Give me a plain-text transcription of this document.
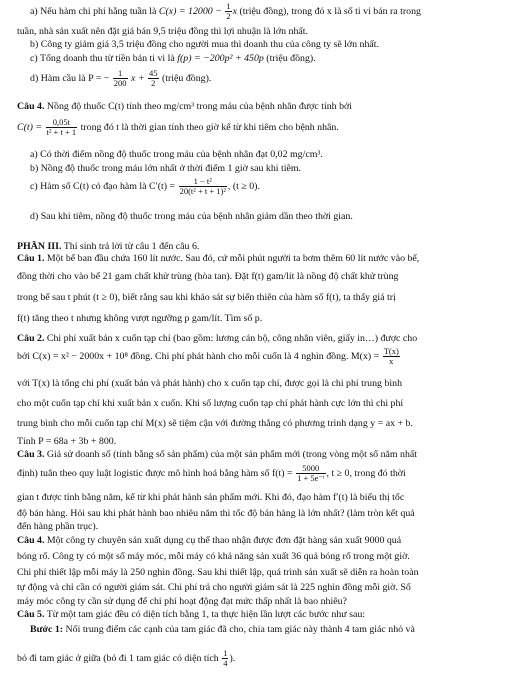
a) Nếu hàm chi phí hằng tuần là $C(x) = 12000 - \frac{1}{2}$ x (triệu đồng), trong đó x là số ti vi bán ra trong
tuần, nhà sản xuất nên đặt giá bán 9,5 triệu đồng thì lợi nhuận là lớn nhất.
b) Công ty giảm giá 3,5 triệu đồng cho người mua thì doanh thu của công ty sẽ lớn nhất.
c) Tổng doanh thu từ tiền bán ti vi là f(p) = −200p² + 450p (triệu đồng).
d) Hàm cầu là P = − $\frac{1}{200}$ $x + \frac{45}{2}$ (triệu đồng).
Câu 4. Nồng độ thuốc C(t) tính theo mg/cm³ trong máu của bệnh nhân được tính bởi
$C(t) = \frac{0,05t}{\text{t² + t + 1}}$ trong đó t là thời gian tính theo giờ kể từ khi tiêm cho bệnh nhân.
a) Có thời điểm nồng độ thuốc trong máu của bệnh nhân đạt 0,02 mg/cm³.
b) Nồng độ thuốc trong máu lớn nhất ở thời điểm 1 giờ sau khi tiêm.
c) Hàm số C(t) có đạo hàm là $C'(t) = \frac{\text{1 − t²}}{\text{20(t² + t + 1)²}}$ , (t ≥ 0).
d) Sau khi tiêm, nồng độ thuốc trong máu của bệnh nhân giảm dần theo thời gian.
PHẦN III. Thí sinh trả lời từ câu 1 đến câu 6.
Câu 1. Một bể ban đầu chứa 160 lít nước. Sau đó, cứ mỗi phút người ta bơm thêm 60 lít nước vào bể,
đồng thời cho vào bể 21 gam chất khử trùng (hòa tan). Đặt f(t) gam/lít là nồng độ chất khử trùng
trong bể sau t phút (t ≥ 0), biết rằng sau khi khảo sát sự biến thiên của hàm số f(t), ta thấy giá trị
f(t) tăng theo t nhưng không vượt ngưỡng p gam/lít. Tìm số p.
Câu 2. Chi phí xuất bản x cuốn tạp chí (bao gồm: lương cán bộ, công nhân viên, giấy in…) được cho
bởi C(x) = x² − 2000x + 10⁸ đồng. Chi phí phát hành cho mỗi cuốn là 4 nghìn đồng. $M(x) = \frac{T(x)}{x}$
với T(x) là tổng chi phí (xuất bản và phát hành) cho x cuốn tạp chí, được gọi là chi phí trung bình
cho một cuốn tạp chí khi xuất bản x cuốn. Khi số lượng cuốn tạp chí phát hành cực lớn thì chi phí
trung bình cho mỗi cuốn tạp chí M(x) sẽ tiệm cận với đường thẳng có phương trình dạng y = ax + b.
Tính P = 68a + 3b + 800.
Câu 3. Giả sử doanh số (tính bằng số sản phẩm) của một sản phẩm mới (trong vòng một số năm nhất
định) tuân theo quy luật logistic được mô hình hoá bằng hàm số $f(t) = \frac{5000}{\text{1 + 5e⁻ᵗ}}$ , t ≥ 0, trong đó thời
gian t được tính bằng năm, kể từ khi phát hành sản phẩm mới. Khi đó, đạo hàm f′(t) là biểu thị tốc
độ bán hàng. Hỏi sau khi phát hành bao nhiêu năm thì tốc độ bán hàng là lớn nhất? (làm tròn kết quả
đến hàng phần trục).
Câu 4. Một công ty chuyên sản xuất dụng cụ thể thao nhận được đơn đặt hàng sản xuất 9000 quả
bóng rổ. Công ty có một số máy móc, mỗi máy có khả năng sản xuất 36 quả bóng rổ trong một giờ.
Chi phí thiết lập mỗi máy là 250 nghìn đồng. Sau khi thiết lập, quá trình sản xuất sẽ diễn ra hoàn toàn
tự động và chỉ cần có người giám sát. Chi phí trả cho người giám sát là 225 nghìn đồng mỗi giờ. Số
máy móc công ty cần sử dụng để chi phí hoạt động đạt mức thấp nhất là bao nhiêu?
Câu 5. Từ một tam giác đều có diện tích bằng 1, ta thực hiện lần lượt các bước như sau:
Bước 1: Nối trung điểm các cạnh của tam giác đã cho, chia tam giác này thành 4 tam giác nhỏ và
bỏ đi tam giác ở giữa (bỏ đi 1 tam giác có diện tích $\frac{1}{4}$ ).
